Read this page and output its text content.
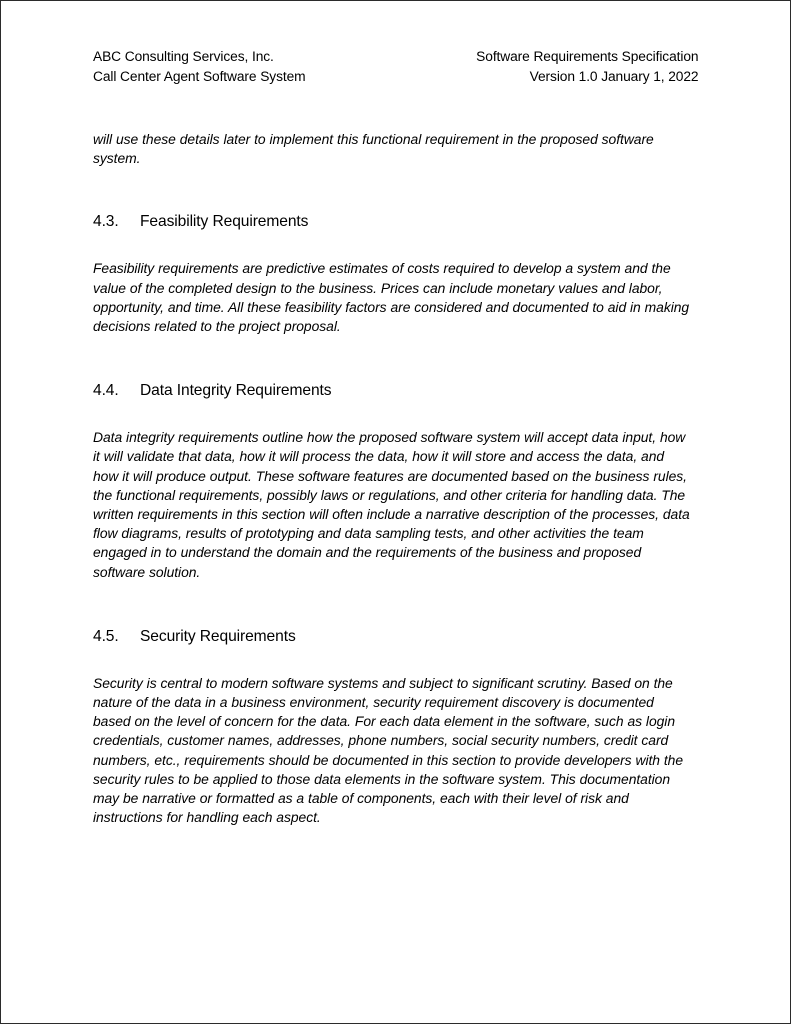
ABC Consulting Services, Inc.
Call Center Agent Software System
Software Requirements Specification
Version 1.0 January 1, 2022

will use these details later to implement this functional requirement in the proposed software system.

4.3.	Feasibility Requirements

Feasibility requirements are predictive estimates of costs required to develop a system and the value of the completed design to the business. Prices can include monetary values and labor, opportunity, and time. All these feasibility factors are considered and documented to aid in making decisions related to the project proposal.

4.4.	Data Integrity Requirements

Data integrity requirements outline how the proposed software system will accept data input, how it will validate that data, how it will process the data, how it will store and access the data, and how it will produce output. These software features are documented based on the business rules, the functional requirements, possibly laws or regulations, and other criteria for handling data. The written requirements in this section will often include a narrative description of the processes, data flow diagrams, results of prototyping and data sampling tests, and other activities the team engaged in to understand the domain and the requirements of the business and proposed software solution.

4.5.	Security Requirements

Security is central to modern software systems and subject to significant scrutiny. Based on the nature of the data in a business environment, security requirement discovery is documented based on the level of concern for the data. For each data element in the software, such as login credentials, customer names, addresses, phone numbers, social security numbers, credit card numbers, etc., requirements should be documented in this section to provide developers with the security rules to be applied to those data elements in the software system. This documentation may be narrative or formatted as a table of components, each with their level of risk and instructions for handling each aspect.
